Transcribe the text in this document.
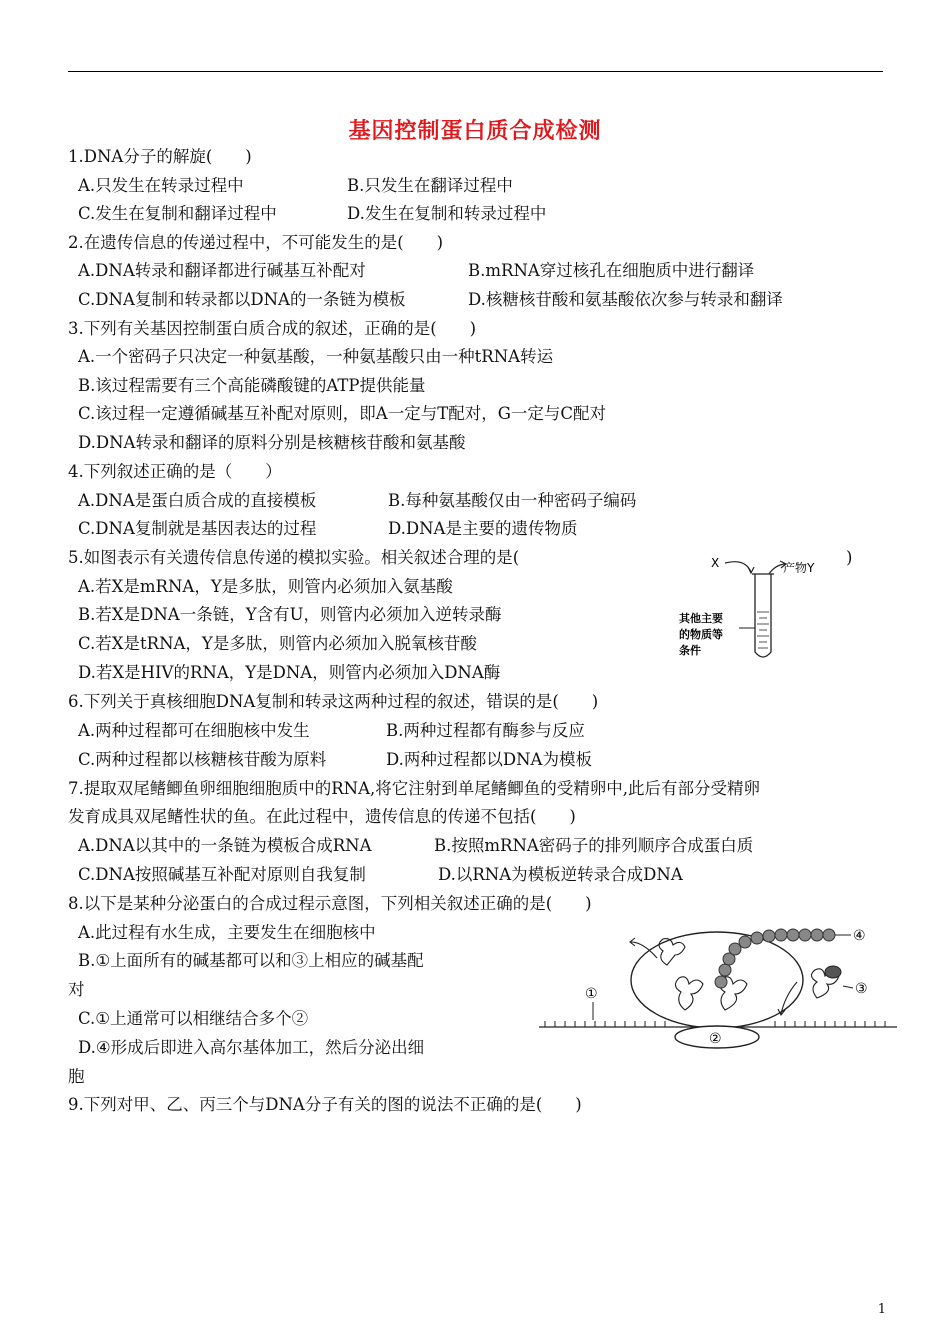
基因控制蛋白质合成检测
1.DNA分子的解旋(　　)
A.只发生在转录过程中	B.只发生在翻译过程中
C.发生在复制和翻译过程中	D.发生在复制和转录过程中
2.在遗传信息的传递过程中，不可能发生的是(　　)
A.DNA转录和翻译都进行碱基互补配对	B.mRNA穿过核孔在细胞质中进行翻译
C.DNA复制和转录都以DNA的一条链为模板	D.核糖核苷酸和氨基酸依次参与转录和翻译
3.下列有关基因控制蛋白质合成的叙述，正确的是(　　)
A.一个密码子只决定一种氨基酸，一种氨基酸只由一种tRNA转运
B.该过程需要有三个高能磷酸键的ATP提供能量
C.该过程一定遵循碱基互补配对原则，即A一定与T配对，G一定与C配对
D.DNA转录和翻译的原料分别是核糖核苷酸和氨基酸
4.下列叙述正确的是（　　）
A.DNA是蛋白质合成的直接模板	B.每种氨基酸仅由一种密码子编码
C.DNA复制就是基因表达的过程	D.DNA是主要的遗传物质
5.如图表示有关遗传信息传递的模拟实验。相关叙述合理的是(	)
A.若X是mRNA，Y是多肽，则管内必须加入氨基酸
B.若X是DNA一条链，Y含有U，则管内必须加入逆转录酶
C.若X是tRNA，Y是多肽，则管内必须加入脱氧核苷酸
D.若X是HIV的RNA，Y是DNA，则管内必须加入DNA酶
X	产物Y
其他主要
的物质等
条件
6.下列关于真核细胞DNA复制和转录这两种过程的叙述，错误的是(　　)
A.两种过程都可在细胞核中发生	B.两种过程都有酶参与反应
C.两种过程都以核糖核苷酸为原料	D.两种过程都以DNA为模板
7.提取双尾鳍鲫鱼卵细胞细胞质中的RNA,将它注射到单尾鳍鲫鱼的受精卵中,此后有部分受精卵
发育成具双尾鳍性状的鱼。在此过程中，遗传信息的传递不包括(　　)
A.DNA以其中的一条链为模板合成RNA	B.按照mRNA密码子的排列顺序合成蛋白质
C.DNA按照碱基互补配对原则自我复制	D.以RNA为模板逆转录合成DNA
8.以下是某种分泌蛋白的合成过程示意图，下列相关叙述正确的是(　　)
A.此过程有水生成，主要发生在细胞核中
B.①上面所有的碱基都可以和③上相应的碱基配
对
C.①上通常可以相继结合多个②
D.④形成后即进入高尔基体加工，然后分泌出细
胞
①
②
③
④
9.下列对甲、乙、丙三个与DNA分子有关的图的说法不正确的是(　　)
1
